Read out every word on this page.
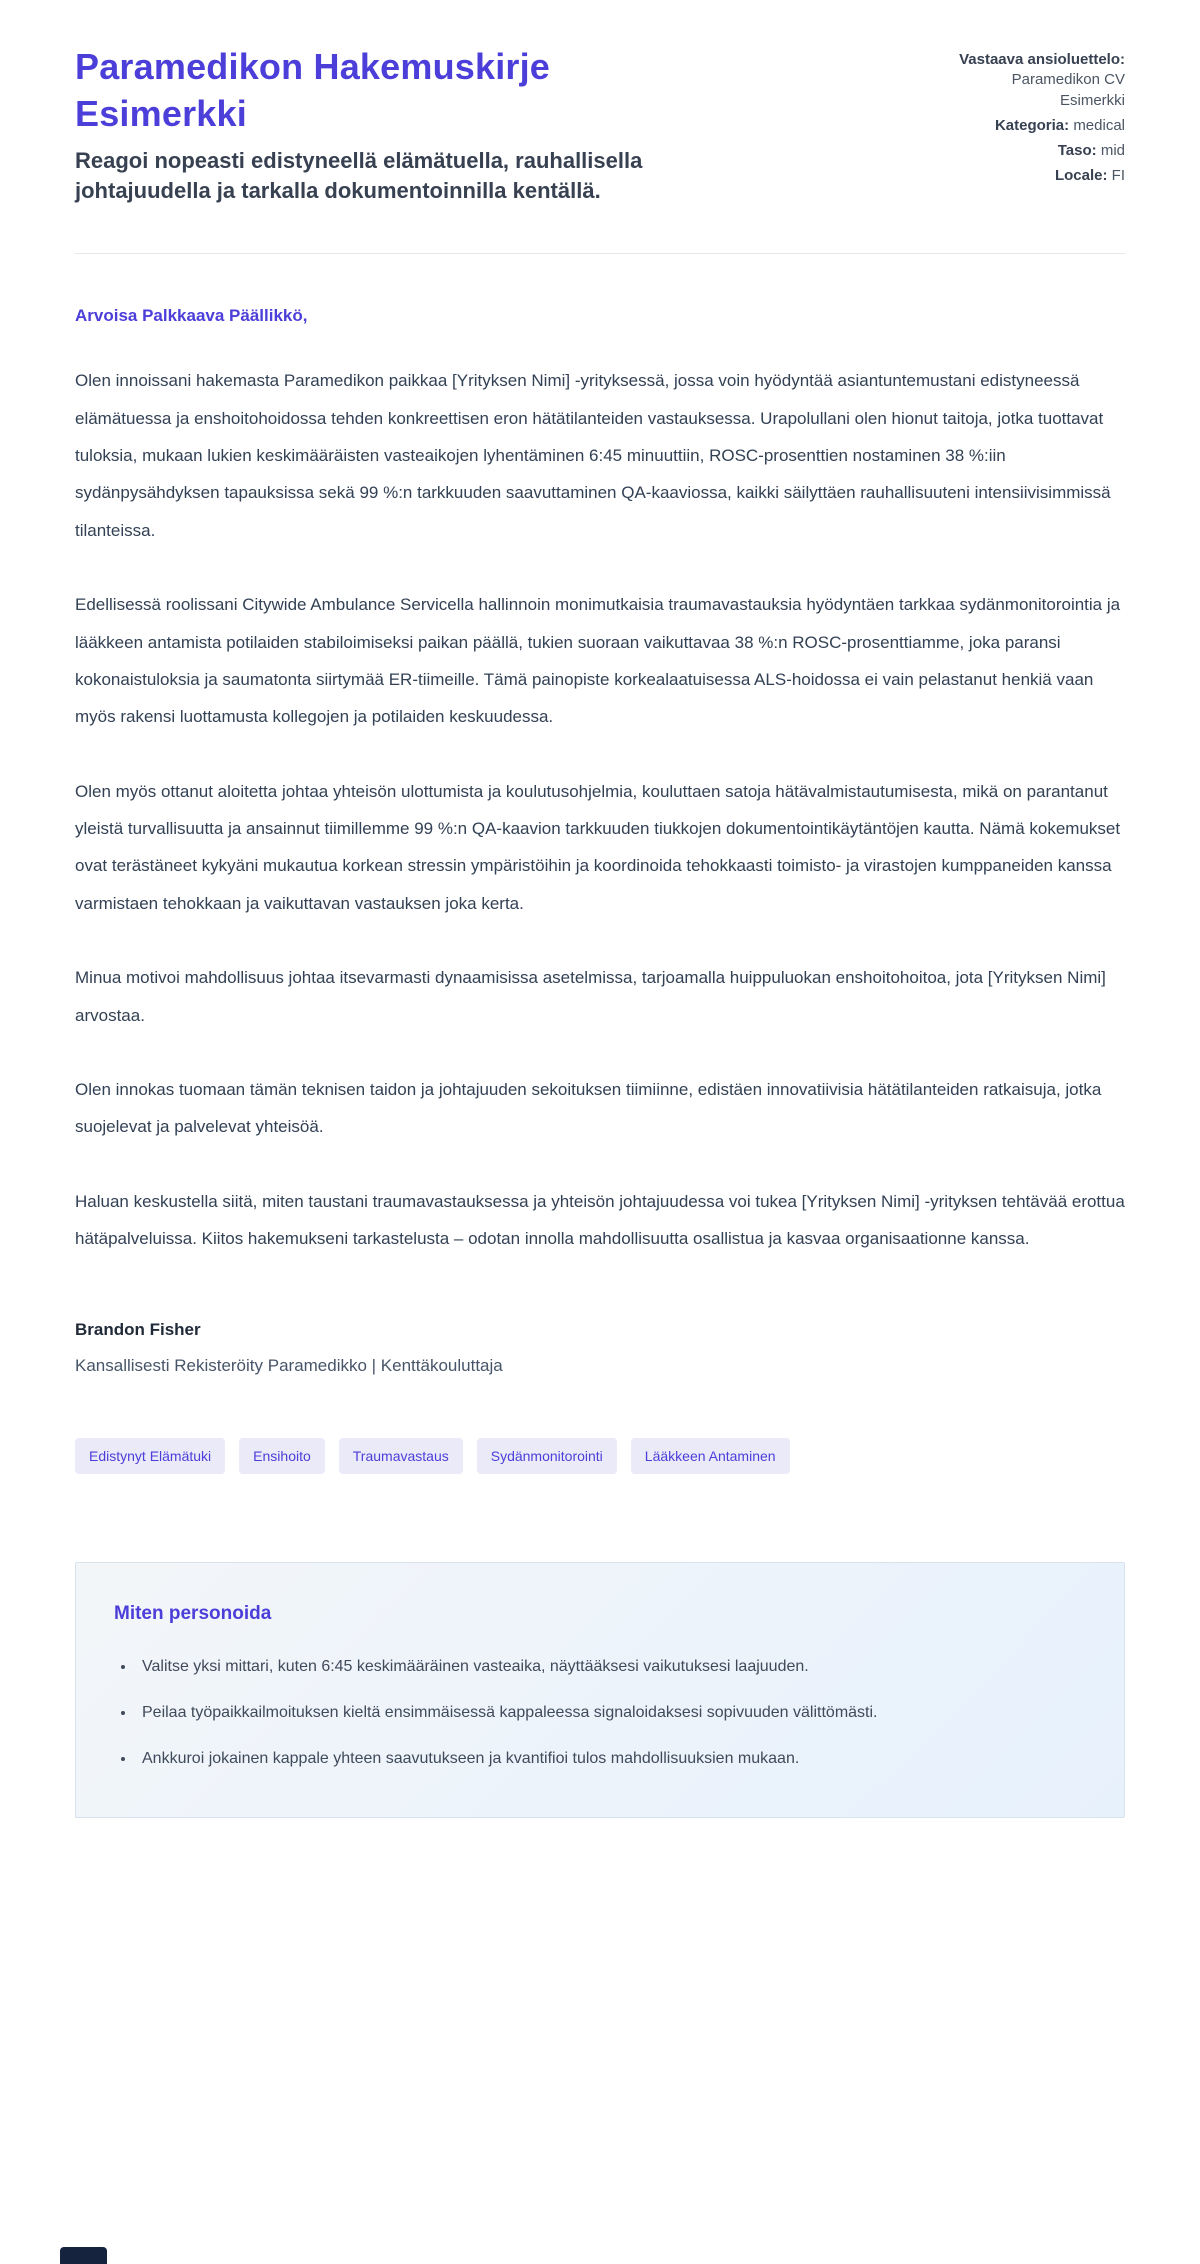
Paramedikon Hakemuskirje Esimerkki
Reagoi nopeasti edistyneellä elämätuella, rauhallisella johtajuudella ja tarkalla dokumentoinnilla kentällä.
Vastaava ansioluettelo: Paramedikon CV Esimerkki
Kategoria: medical
Taso: mid
Locale: FI
Arvoisa Palkkaava Päällikkö,

Olen innoissani hakemasta Paramedikon paikkaa [Yrityksen Nimi] -yrityksessä, jossa voin hyödyntää asiantuntemustani edistyneessä elämätuessa ja enshoitohoidossa tehden konkreettisen eron hätätilanteiden vastauksessa. Urapolullani olen hionut taitoja, jotka tuottavat tuloksia, mukaan lukien keskimääräisten vasteaikojen lyhentäminen 6:45 minuuttiin, ROSC-prosenttien nostaminen 38 %:iin sydänpysähdyksen tapauksissa sekä 99 %:n tarkkuuden saavuttaminen QA-kaaviossa, kaikki säilyttäen rauhallisuuteni intensiivisimmissä tilanteissa.

Edellisessä roolissani Citywide Ambulance Servicella hallinnoin monimutkaisia traumavastauksia hyödyntäen tarkkaa sydänmonitorointia ja lääkkeen antamista potilaiden stabiloimiseksi paikan päällä, tukien suoraan vaikuttavaa 38 %:n ROSC-prosenttiamme, joka paransi kokonaistuloksia ja saumatonta siirtymää ER-tiimeille. Tämä painopiste korkealaatuisessa ALS-hoidossa ei vain pelastanut henkiä vaan myös rakensi luottamusta kollegojen ja potilaiden keskuudessa.

Olen myös ottanut aloitetta johtaa yhteisön ulottumista ja koulutusohjelmia, kouluttaen satoja hätävalmistautumisesta, mikä on parantanut yleistä turvallisuutta ja ansainnut tiimillemme 99 %:n QA-kaavion tarkkuuden tiukkojen dokumentointikäytäntöjen kautta. Nämä kokemukset ovat terästäneet kykyäni mukautua korkean stressin ympäristöihin ja koordinoida tehokkaasti toimisto- ja virastojen kumppaneiden kanssa varmistaen tehokkaan ja vaikuttavan vastauksen joka kerta.

Minua motivoi mahdollisuus johtaa itsevarmasti dynaamisissa asetelmissa, tarjoamalla huippuluokan enshoitohoitoa, jota [Yrityksen Nimi] arvostaa.

Olen innokas tuomaan tämän teknisen taidon ja johtajuuden sekoituksen tiimiinne, edistäen innovatiivisia hätätilanteiden ratkaisuja, jotka suojelevat ja palvelevat yhteisöä.

Haluan keskustella siitä, miten taustani traumavastauksessa ja yhteisön johtajuudessa voi tukea [Yrityksen Nimi] -yrityksen tehtävää erottua hätäpalveluissa. Kiitos hakemukseni tarkastelusta – odotan innolla mahdollisuutta osallistua ja kasvaa organisaationne kanssa.

Brandon Fisher
Kansallisesti Rekisteröity Paramedikko | Kenttäkouluttaja
Edistynyt Elämätuki	Ensihoito	Traumavastaus	Sydänmonitorointi	Lääkkeen Antaminen
Miten personoida
• Valitse yksi mittari, kuten 6:45 keskimääräinen vasteaika, näyttääksesi vaikutuksesi laajuuden.
• Peilaa työpaikkailmoituksen kieltä ensimmäisessä kappaleessa signaloidaksesi sopivuuden välittömästi.
• Ankkuroi jokainen kappale yhteen saavutukseen ja kvantifioi tulos mahdollisuuksien mukaan.
